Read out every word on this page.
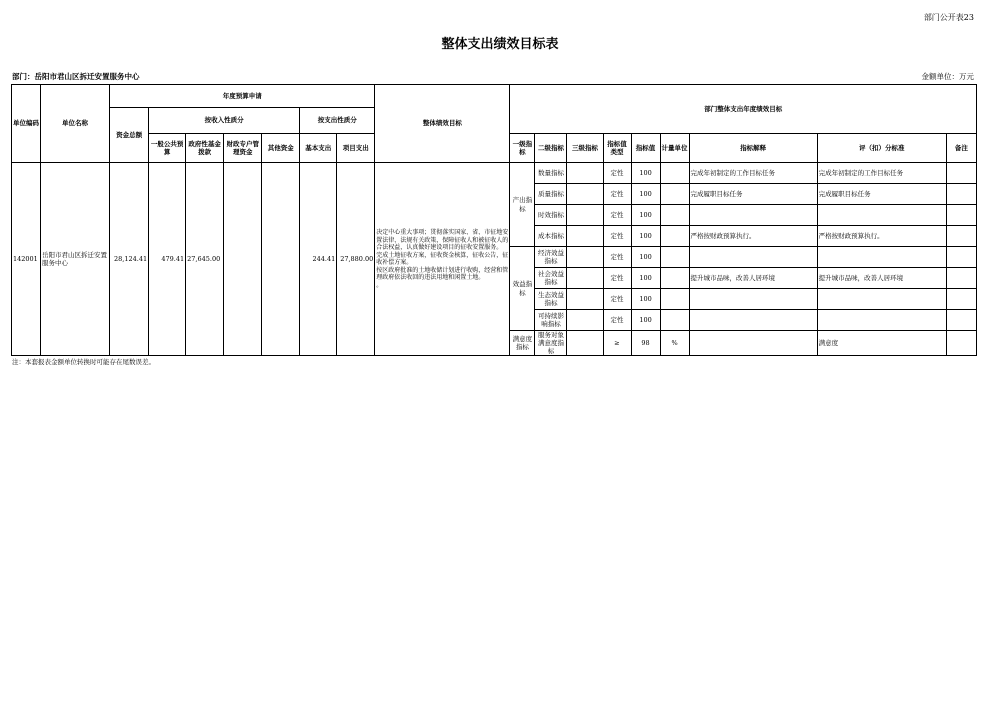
部门公开表23
整体支出绩效目标表
部门：岳阳市君山区拆迁安置服务中心	金额单位：万元
单位编码	单位名称	年度预算申请							整体绩效目标	部门整体支出年度绩效目标								
		资金总额	按收入性质分				按支出性质分											
			一般公共预算	政府性基金拨款	财政专户管理资金	其他资金	基本支出	项目支出		一级指标	二级指标	三级指标	指标值类型	指标值	计量单位	指标解释	评（扣）分标准	备注
142001	岳阳市君山区拆迁安置服务中心	28,124.41	479.41	27,645.00			244.41	27,880.00	决定中心重大事项；贯彻落实国家、省、市征地安置法律、法规有关政策，保障征收人和被征收人的合法权益，认真做好建设项目的征收安置服务。
完成土地征收方案，征收资金核算，征收公告，征收补偿方案。
按区政府批准的土地收储计划进行收购，经营和管理政府依法收回的违法用地和闲置土地。
。	产出指标	数量指标		定性	100		完成年初制定的工作目标任务	完成年初制定的工作目标任务	
											质量指标		定性	100		完成履职目标任务	完成履职目标任务	
											时效指标		定性	100				
											成本指标		定性	100		严格按财政预算执行。	严格按财政预算执行。	
										效益指标	经济效益指标		定性	100				
											社会效益指标		定性	100		提升城市品味，改善人居环境	提升城市品味，改善人居环境	
											生态效益指标		定性	100				
											可持续影响指标		定性	100				
										满意度指标	服务对象满意度指标		≥	98	%		满意度	
注：本套报表金额单位转换时可能存在尾数误差。
